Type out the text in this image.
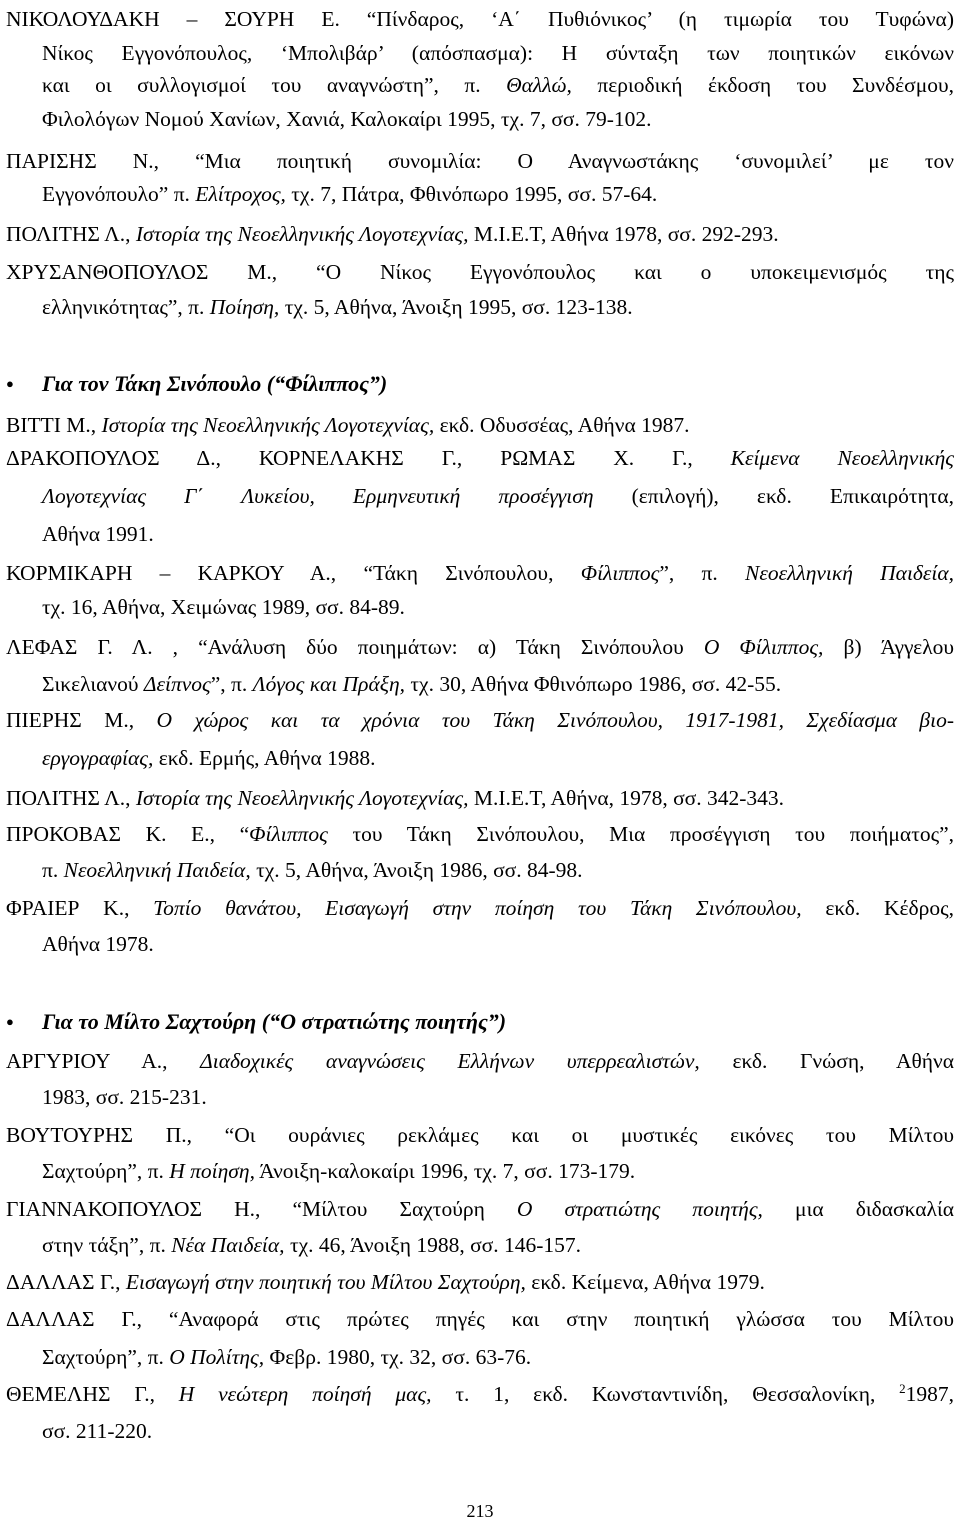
ΝΙΚΟΛΟΥΔΑΚΗ – ΣΟΥΡΗ Ε. “Πίνδαρος, ‘Α΄ Πυθιόνικος’ (η τιμωρία του Τυφώνα)
Νίκος Εγγονόπουλος, ‘Μπολιβάρ’ (απόσπασμα): Η σύνταξη των ποιητικών εικόνων
και οι συλλογισμοί του αναγνώστη”, π. Θαλλώ, περιοδική έκδοση του Συνδέσμου,
Φιλολόγων Νομού Χανίων, Χανιά, Καλοκαίρι 1995, τχ. 7, σσ. 79-102.
ΠΑΡΙΣΗΣ Ν., “Μια ποιητική συνομιλία: Ο Αναγνωστάκης ‘συνομιλεί’ με τον
Εγγονόπουλο” π. Ελίτροχος, τχ. 7, Πάτρα, Φθινόπωρο 1995, σσ. 57-64.
ΠΟΛΙΤΗΣ Λ., Ιστορία της Νεοελληνικής Λογοτεχνίας, Μ.Ι.Ε.Τ, Αθήνα 1978, σσ. 292-293.
ΧΡΥΣΑΝΘΟΠΟΥΛΟΣ Μ., “Ο Νίκος Εγγονόπουλος και ο υποκειμενισμός της
ελληνικότητας”, π. Ποίηση, τχ. 5, Αθήνα, Άνοιξη 1995, σσ. 123-138.
● Για τον Τάκη Σινόπουλο (“Φίλιππος”)
ΒΙΤΤΙ Μ., Ιστορία της Νεοελληνικής Λογοτεχνίας, εκδ. Οδυσσέας, Αθήνα 1987.
ΔΡΑΚΟΠΟΥΛΟΣ Δ., ΚΟΡΝΕΛΑΚΗΣ Γ., ΡΩΜΑΣ Χ. Γ., Κείμενα Νεοελληνικής
Λογοτεχνίας Γ΄ Λυκείου, Ερμηνευτική προσέγγιση (επιλογή), εκδ. Επικαιρότητα,
Αθήνα 1991.
ΚΟΡΜΙΚΑΡΗ – ΚΑΡΚΟΥ Α., “Τάκη Σινόπουλου, Φίλιππος”, π. Νεοελληνική Παιδεία,
τχ. 16, Αθήνα, Χειμώνας 1989, σσ. 84-89.
ΛΕΦΑΣ Γ. Λ. , “Ανάλυση δύο ποιημάτων: α) Τάκη Σινόπουλου Ο Φίλιππος, β) Άγγελου
Σικελιανού Δείπνος”, π. Λόγος και Πράξη, τχ. 30, Αθήνα Φθινόπωρο 1986, σσ. 42-55.
ΠΙΕΡΗΣ Μ., Ο χώρος και τα χρόνια του Τάκη Σινόπουλου, 1917-1981, Σχεδίασμα βιο-
εργογραφίας, εκδ. Ερμής, Αθήνα 1988.
ΠΟΛΙΤΗΣ Λ., Ιστορία της Νεοελληνικής Λογοτεχνίας, Μ.Ι.Ε.Τ, Αθήνα, 1978, σσ. 342-343.
ΠΡΟΚΟΒΑΣ Κ. Ε., “Φίλιππος του Τάκη Σινόπουλου, Μια προσέγγιση του ποιήματος”,
π. Νεοελληνική Παιδεία, τχ. 5, Αθήνα, Άνοιξη 1986, σσ. 84-98.
ΦΡΑΙΕΡ Κ., Τοπίο θανάτου, Εισαγωγή στην ποίηση του Τάκη Σινόπουλου, εκδ. Κέδρος,
Αθήνα 1978.
● Για το Μίλτο Σαχτούρη (“Ο στρατιώτης ποιητής”)
ΑΡΓΥΡΙΟΥ Α., Διαδοχικές αναγνώσεις Ελλήνων υπερρεαλιστών, εκδ. Γνώση, Αθήνα
1983, σσ. 215-231.
ΒΟΥΤΟΥΡΗΣ Π., “Οι ουράνιες ρεκλάμες και οι μυστικές εικόνες του Μίλτου
Σαχτούρη”, π. Η ποίηση, Άνοιξη-καλοκαίρι 1996, τχ. 7, σσ. 173-179.
ΓΙΑΝΝΑΚΟΠΟΥΛΟΣ Η., “Μίλτου Σαχτούρη Ο στρατιώτης ποιητής, μια διδασκαλία
στην τάξη”, π. Νέα Παιδεία, τχ. 46, Άνοιξη 1988, σσ. 146-157.
ΔΑΛΛΑΣ Γ., Εισαγωγή στην ποιητική του Μίλτου Σαχτούρη, εκδ. Κείμενα, Αθήνα 1979.
ΔΑΛΛΑΣ Γ., “Αναφορά στις πρώτες πηγές και στην ποιητική γλώσσα του Μίλτου
Σαχτούρη”, π. Ο Πολίτης, Φεβρ. 1980, τχ. 32, σσ. 63-76.
ΘΕΜΕΛΗΣ Γ., Η νεώτερη ποίησή μας, τ. 1, εκδ. Κωνσταντινίδη, Θεσσαλονίκη, $^2$1987,
σσ. 211-220.
213
